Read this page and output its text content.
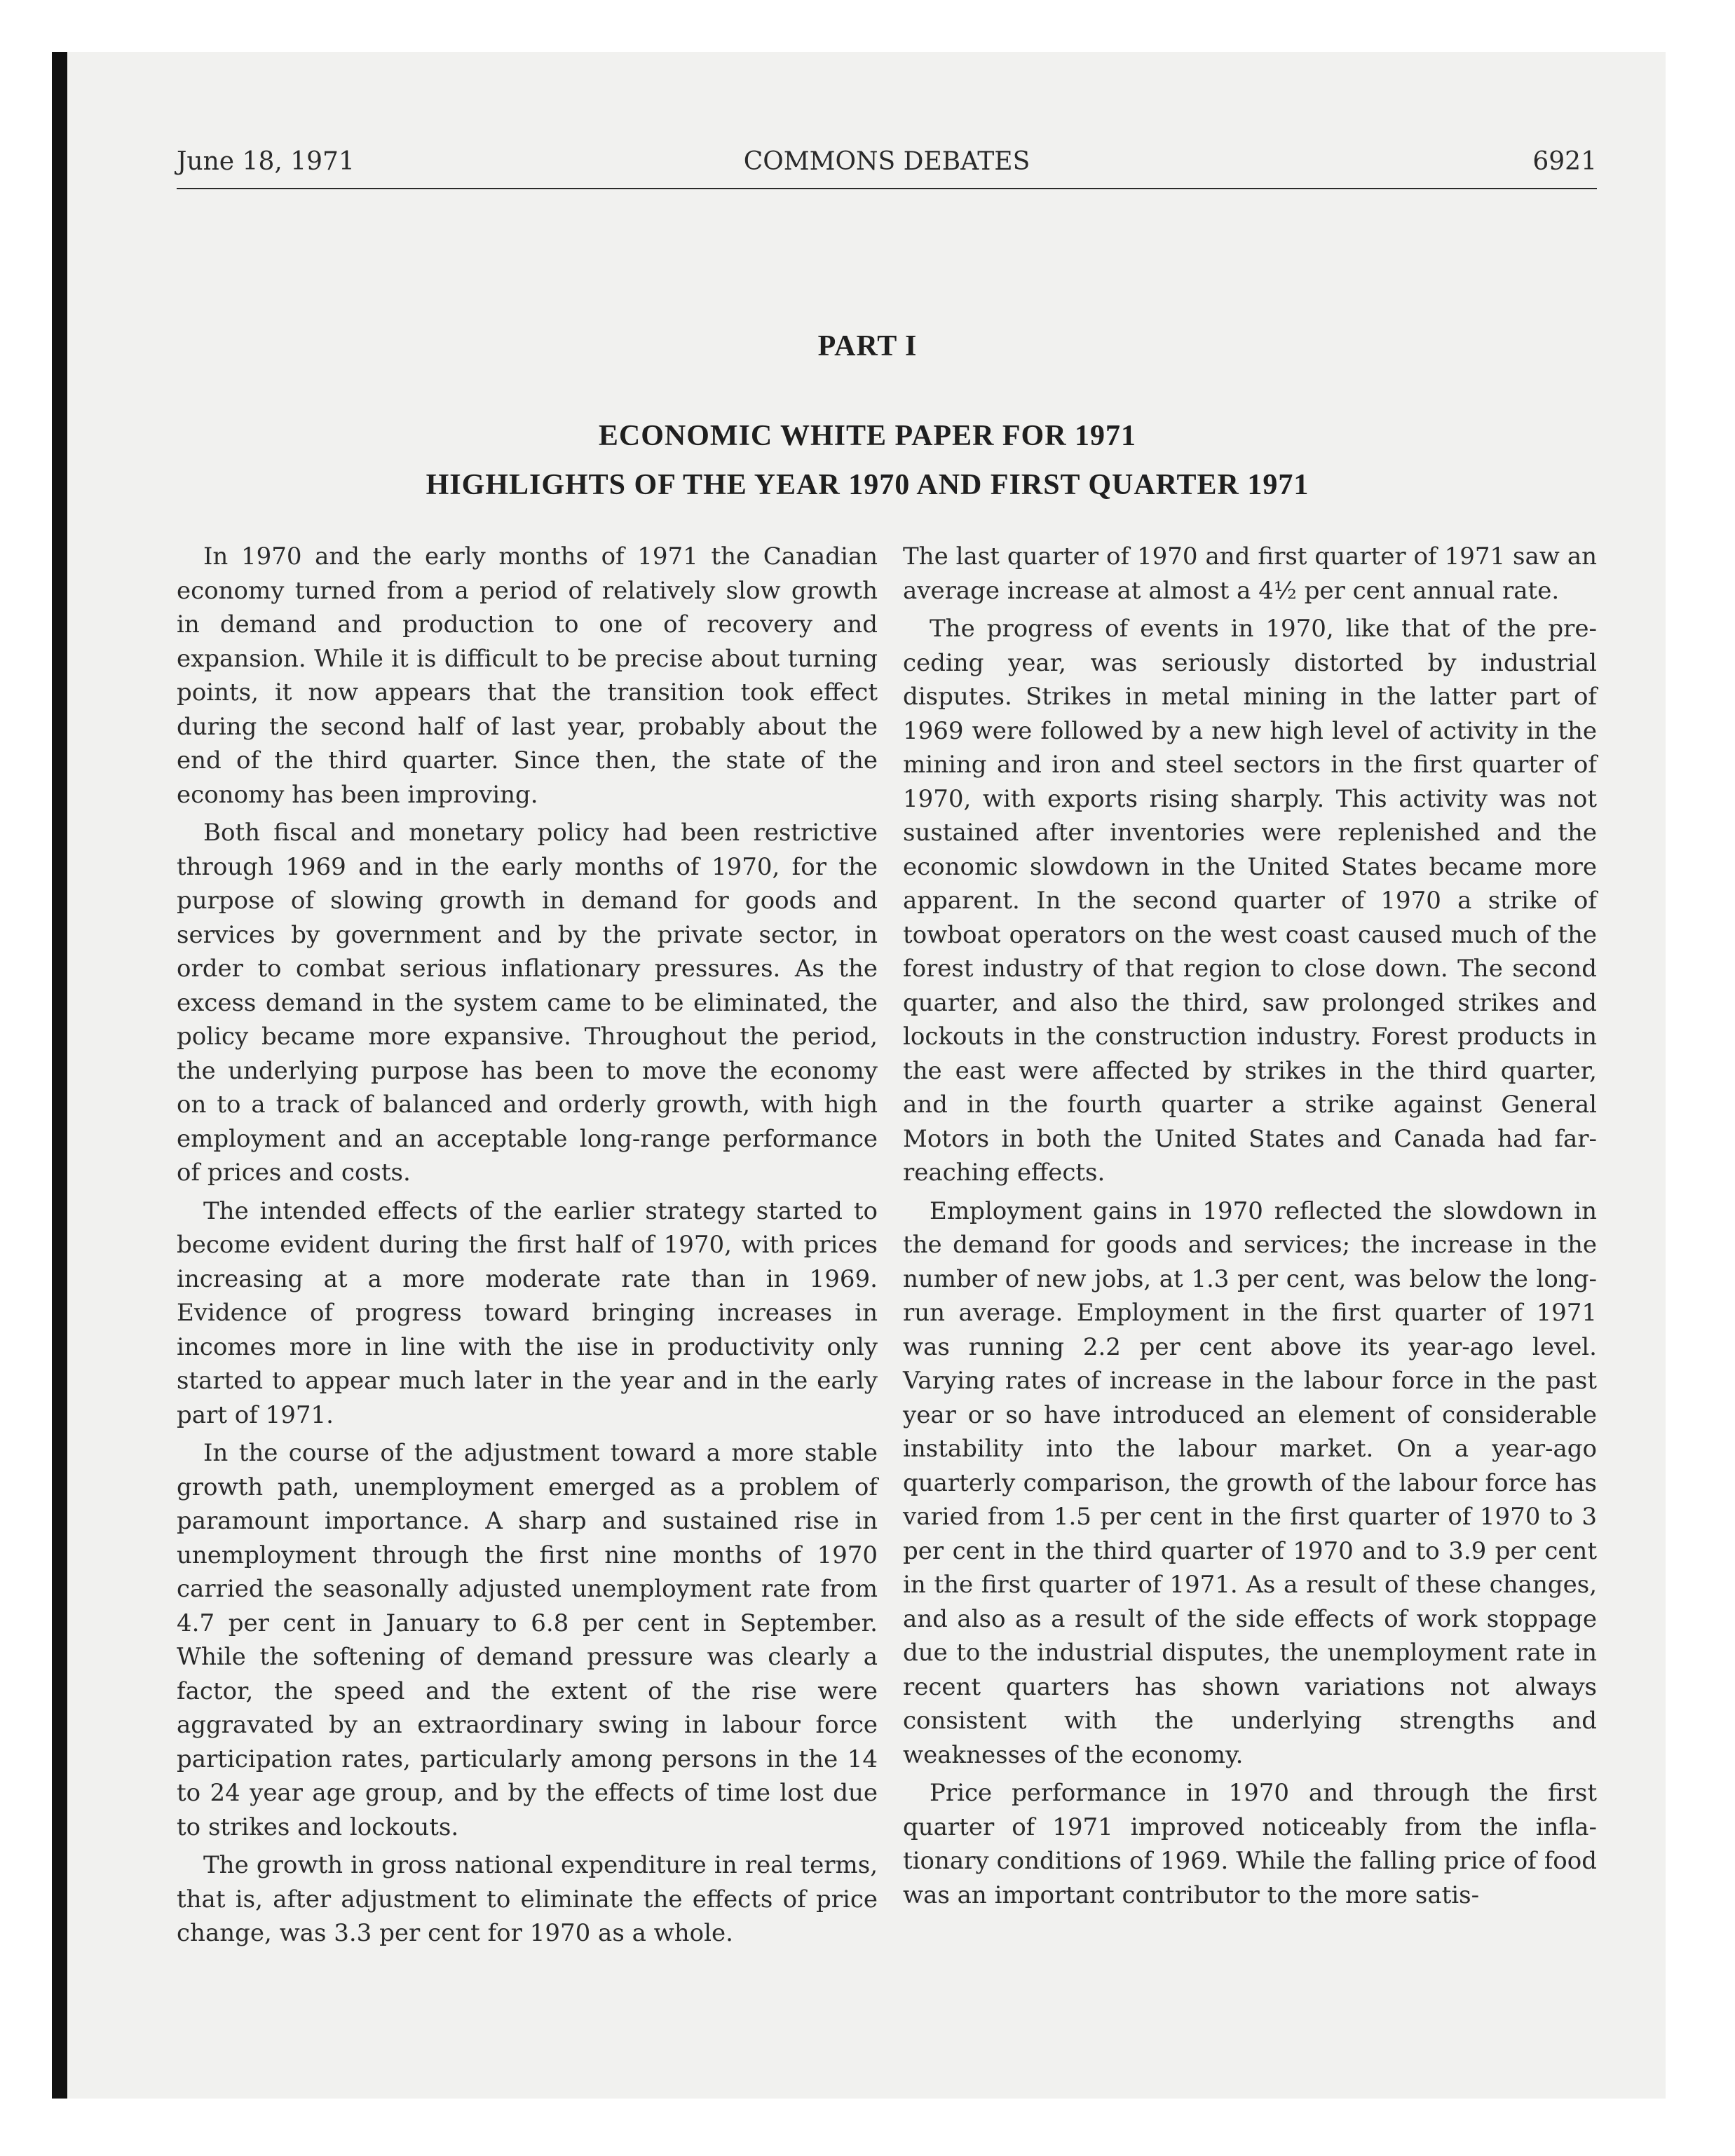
June 18, 1971	COMMONS DEBATES	6921
PART I
ECONOMIC WHITE PAPER FOR 1971
HIGHLIGHTS OF THE YEAR 1970 AND FIRST QUARTER 1971

In 1970 and the early months of 1971 the Canadian economy turned from a period of relatively slow growth in demand and production to one of recovery and expansion. While it is difficult to be precise about turning points, it now appears that the transition took effect during the second half of last year, probably about the end of the third quarter. Since then, the state of the economy has been improving.

Both fiscal and monetary policy had been restrictive through 1969 and in the early months of 1970, for the purpose of slowing growth in demand for goods and services by government and by the private sector, in order to combat serious inflationary pressures. As the excess demand in the system came to be eliminated, the policy became more expansive. Throughout the period, the underlying purpose has been to move the economy on to a track of balanced and orderly growth, with high employment and an acceptable long-range performance of prices and costs.

The intended effects of the earlier strategy started to become evident during the first half of 1970, with prices increasing at a more moderate rate than in 1969. Evidence of progress toward bringing increases in incomes more in line with the ıise in productivity only started to appear much later in the year and in the early part of 1971.

In the course of the adjustment toward a more stable growth path, unemployment emerged as a problem of paramount importance. A sharp and sustained rise in unemployment through the first nine months of 1970 carried the seasonally adjusted unemployment rate from 4.7 per cent in January to 6.8 per cent in September. While the softening of demand pressure was clearly a factor, the speed and the extent of the rise were aggravated by an extraordinary swing in labour force participation rates, particularly among persons in the 14 to 24 year age group, and by the effects of time lost due to strikes and lockouts.

The growth in gross national expenditure in real terms, that is, after adjustment to eliminate the effects of price change, was 3.3 per cent for 1970 as a whole.

The last quarter of 1970 and first quarter of 1971 saw an average increase at almost a 4½ per cent annual rate.

The progress of events in 1970, like that of the preceding year, was seriously distorted by industrial disputes. Strikes in metal mining in the latter part of 1969 were followed by a new high level of activity in the mining and iron and steel sectors in the first quarter of 1970, with exports rising sharply. This activity was not sustained after inventories were replenished and the economic slowdown in the United States became more apparent. In the second quarter of 1970 a strike of towboat operators on the west coast caused much of the forest industry of that region to close down. The second quarter, and also the third, saw prolonged strikes and lockouts in the construction industry. Forest products in the east were affected by strikes in the third quarter, and in the fourth quarter a strike against General Motors in both the United States and Canada had far-reaching effects.

Employment gains in 1970 reflected the slowdown in the demand for goods and services; the increase in the number of new jobs, at 1.3 per cent, was below the long-run average. Employment in the first quarter of 1971 was running 2.2 per cent above its year-ago level. Varying rates of increase in the labour force in the past year or so have introduced an element of considerable instability into the labour market. On a year-ago quarterly comparison, the growth of the labour force has varied from 1.5 per cent in the first quarter of 1970 to 3 per cent in the third quarter of 1970 and to 3.9 per cent in the first quarter of 1971. As a result of these changes, and also as a result of the side effects of work stoppage due to the industrial disputes, the unemployment rate in recent quarters has shown variations not always consistent with the underlying strengths and weaknesses of the economy.

Price performance in 1970 and through the first quarter of 1971 improved noticeably from the inflationary conditions of 1969. While the falling price of food was an important contributor to the more satis-
